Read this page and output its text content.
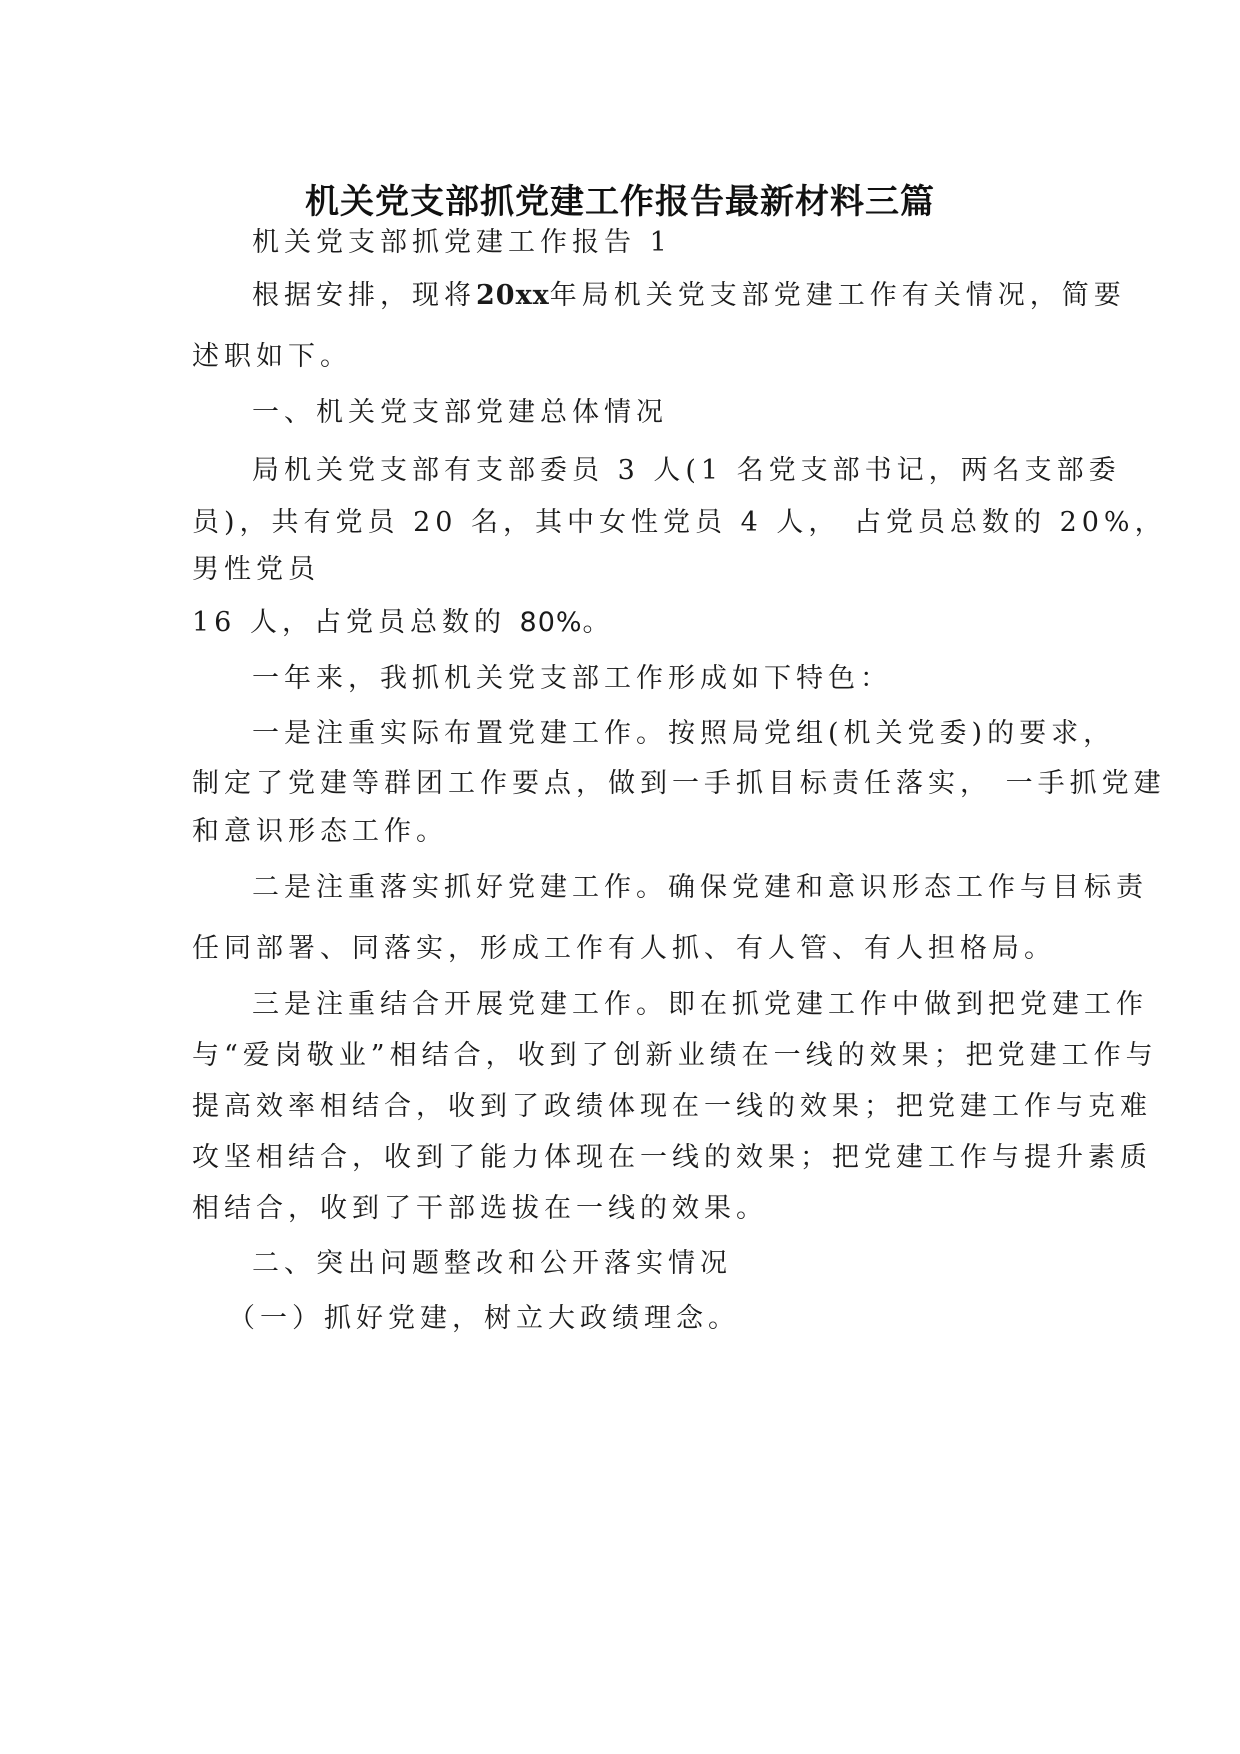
机关党支部抓党建工作报告最新材料三篇
机关党支部抓党建工作报告 1
根据安排，现将20xx年局机关党支部党建工作有关情况，简要
述职如下。
一、机关党支部党建总体情况
局机关党支部有支部委员 3 人(1 名党支部书记，两名支部委
员)，共有党员 20 名，其中女性党员 4 人， 占党员总数的 20%，
男性党员
16 人，占党员总数的 80%。
一年来，我抓机关党支部工作形成如下特色：
一是注重实际布置党建工作。按照局党组(机关党委)的要求，
制定了党建等群团工作要点，做到一手抓目标责任落实， 一手抓党建
和意识形态工作。
二是注重落实抓好党建工作。确保党建和意识形态工作与目标责
任同部署、同落实，形成工作有人抓、有人管、有人担格局。
三是注重结合开展党建工作。即在抓党建工作中做到把党建工作
与“爱岗敬业”相结合，收到了创新业绩在一线的效果；把党建工作与
提高效率相结合，收到了政绩体现在一线的效果；把党建工作与克难
攻坚相结合，收到了能力体现在一线的效果；把党建工作与提升素质
相结合，收到了干部选拔在一线的效果。
二、突出问题整改和公开落实情况
（一）抓好党建，树立大政绩理念。
